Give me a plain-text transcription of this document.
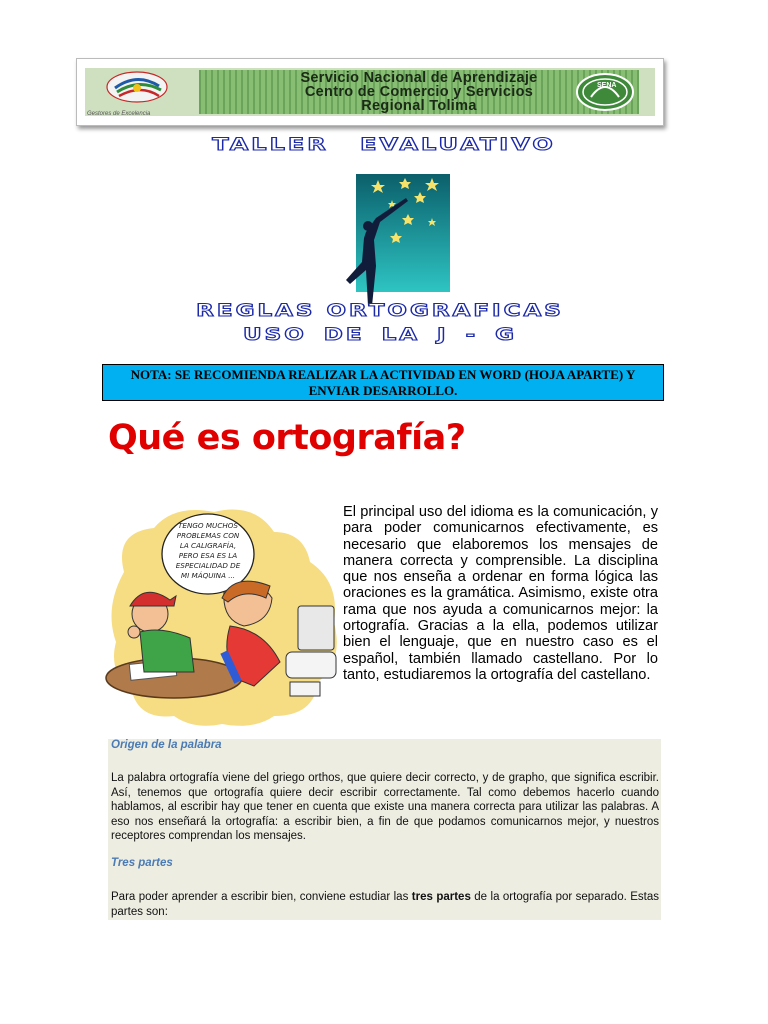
Gestores de Excelencia
Servicio Nacional de Aprendizaje
Centro de Comercio y Servicios
Regional Tolima
SENA
TALLER EVALUATIVO
REGLAS ORTOGRAFICAS
USO DE LA J - G
NOTA: SE RECOMIENDA REALIZAR LA ACTIVIDAD EN WORD (HOJA APARTE) Y ENVIAR DESARROLLO.
Qué es ortografía?
TENGO MUCHOS
PROBLEMAS CON
LA CALIGRAFÍA,
PERO ESA ES LA
ESPECIALIDAD DE
MI MÁQUINA ...
El principal uso del idioma es la comunicación, y para poder comunicarnos efectivamente, es necesario que elaboremos los mensajes de manera correcta y comprensible. La disciplina que nos enseña a ordenar en forma lógica las oraciones es la gramática. Asimismo, existe otra rama que nos ayuda a comunicarnos mejor: la ortografía. Gracias a la ella, podemos utilizar bien el lenguaje, que en nuestro caso es el español, también llamado castellano. Por lo tanto, estudiaremos la ortografía del castellano.
Origen de la palabra
La palabra ortografía viene del griego orthos, que quiere decir correcto, y de grapho, que significa escribir. Así, tenemos que ortografía quiere decir escribir correctamente. Tal como debemos hacerlo cuando hablamos, al escribir hay que tener en cuenta que existe una manera correcta para utilizar las palabras. A eso nos enseñará la ortografía: a escribir bien, a fin de que podamos comunicarnos mejor, y nuestros receptores comprendan los mensajes.
Tres partes
Para poder aprender a escribir bien, conviene estudiar las tres partes de la ortografía por separado. Estas partes son:
